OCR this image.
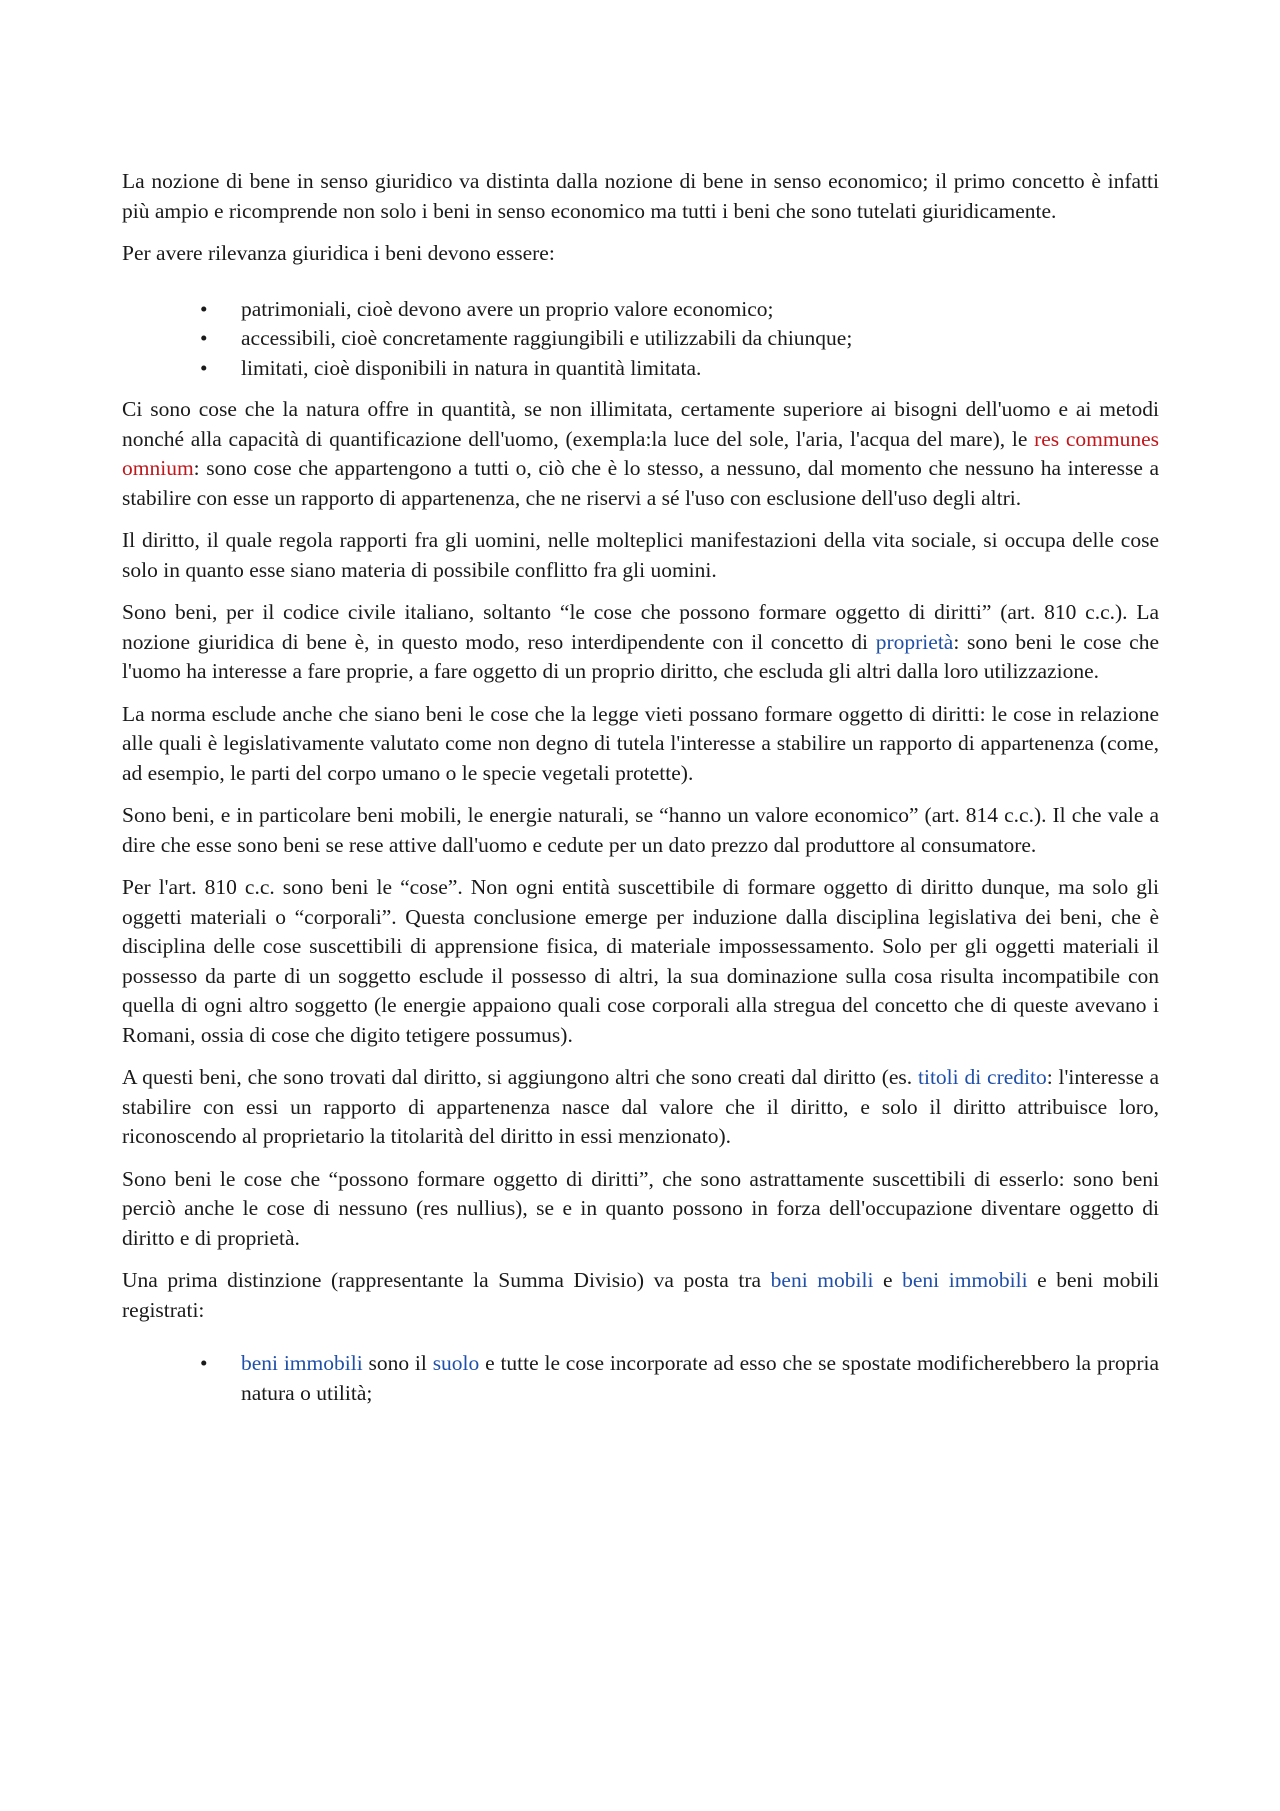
La nozione di bene in senso giuridico va distinta dalla nozione di bene in senso economico; il primo concetto è infatti più ampio e ricomprende non solo i beni in senso economico ma tutti i beni che sono tutelati giuridicamente.

Per avere rilevanza giuridica i beni devono essere:

• patrimoniali, cioè devono avere un proprio valore economico;
• accessibili, cioè concretamente raggiungibili e utilizzabili da chiunque;
• limitati, cioè disponibili in natura in quantità limitata.

Ci sono cose che la natura offre in quantità, se non illimitata, certamente superiore ai bisogni dell'uomo e ai metodi nonché alla capacità di quantificazione dell'uomo, (exempla:la luce del sole, l'aria, l'acqua del mare), le res communes omnium: sono cose che appartengono a tutti o, ciò che è lo stesso, a nessuno, dal momento che nessuno ha interesse a stabilire con esse un rapporto di appartenenza, che ne riservi a sé l'uso con esclusione dell'uso degli altri.

Il diritto, il quale regola rapporti fra gli uomini, nelle molteplici manifestazioni della vita sociale, si occupa delle cose solo in quanto esse siano materia di possibile conflitto fra gli uomini.

Sono beni, per il codice civile italiano, soltanto “le cose che possono formare oggetto di diritti” (art. 810 c.c.). La nozione giuridica di bene è, in questo modo, reso interdipendente con il concetto di proprietà: sono beni le cose che l'uomo ha interesse a fare proprie, a fare oggetto di un proprio diritto, che escluda gli altri dalla loro utilizzazione.

La norma esclude anche che siano beni le cose che la legge vieti possano formare oggetto di diritti: le cose in relazione alle quali è legislativamente valutato come non degno di tutela l'interesse a stabilire un rapporto di appartenenza (come, ad esempio, le parti del corpo umano o le specie vegetali protette).

Sono beni, e in particolare beni mobili, le energie naturali, se “hanno un valore economico” (art. 814 c.c.). Il che vale a dire che esse sono beni se rese attive dall'uomo e cedute per un dato prezzo dal produttore al consumatore.

Per l'art. 810 c.c. sono beni le “cose”. Non ogni entità suscettibile di formare oggetto di diritto dunque, ma solo gli oggetti materiali o “corporali”. Questa conclusione emerge per induzione dalla disciplina legislativa dei beni, che è disciplina delle cose suscettibili di apprensione fisica, di materiale impossessamento. Solo per gli oggetti materiali il possesso da parte di un soggetto esclude il possesso di altri, la sua dominazione sulla cosa risulta incompatibile con quella di ogni altro soggetto (le energie appaiono quali cose corporali alla stregua del concetto che di queste avevano i Romani, ossia di cose che digito tetigere possumus).

A questi beni, che sono trovati dal diritto, si aggiungono altri che sono creati dal diritto (es. titoli di credito: l'interesse a stabilire con essi un rapporto di appartenenza nasce dal valore che il diritto, e solo il diritto attribuisce loro, riconoscendo al proprietario la titolarità del diritto in essi menzionato).

Sono beni le cose che “possono formare oggetto di diritti”, che sono astrattamente suscettibili di esserlo: sono beni perciò anche le cose di nessuno (res nullius), se e in quanto possono in forza dell'occupazione diventare oggetto di diritto e di proprietà.

Una prima distinzione (rappresentante la Summa Divisio) va posta tra beni mobili e beni immobili e beni mobili registrati:

• beni immobili sono il suolo e tutte le cose incorporate ad esso che se spostate modificherebbero la propria natura o utilità;
